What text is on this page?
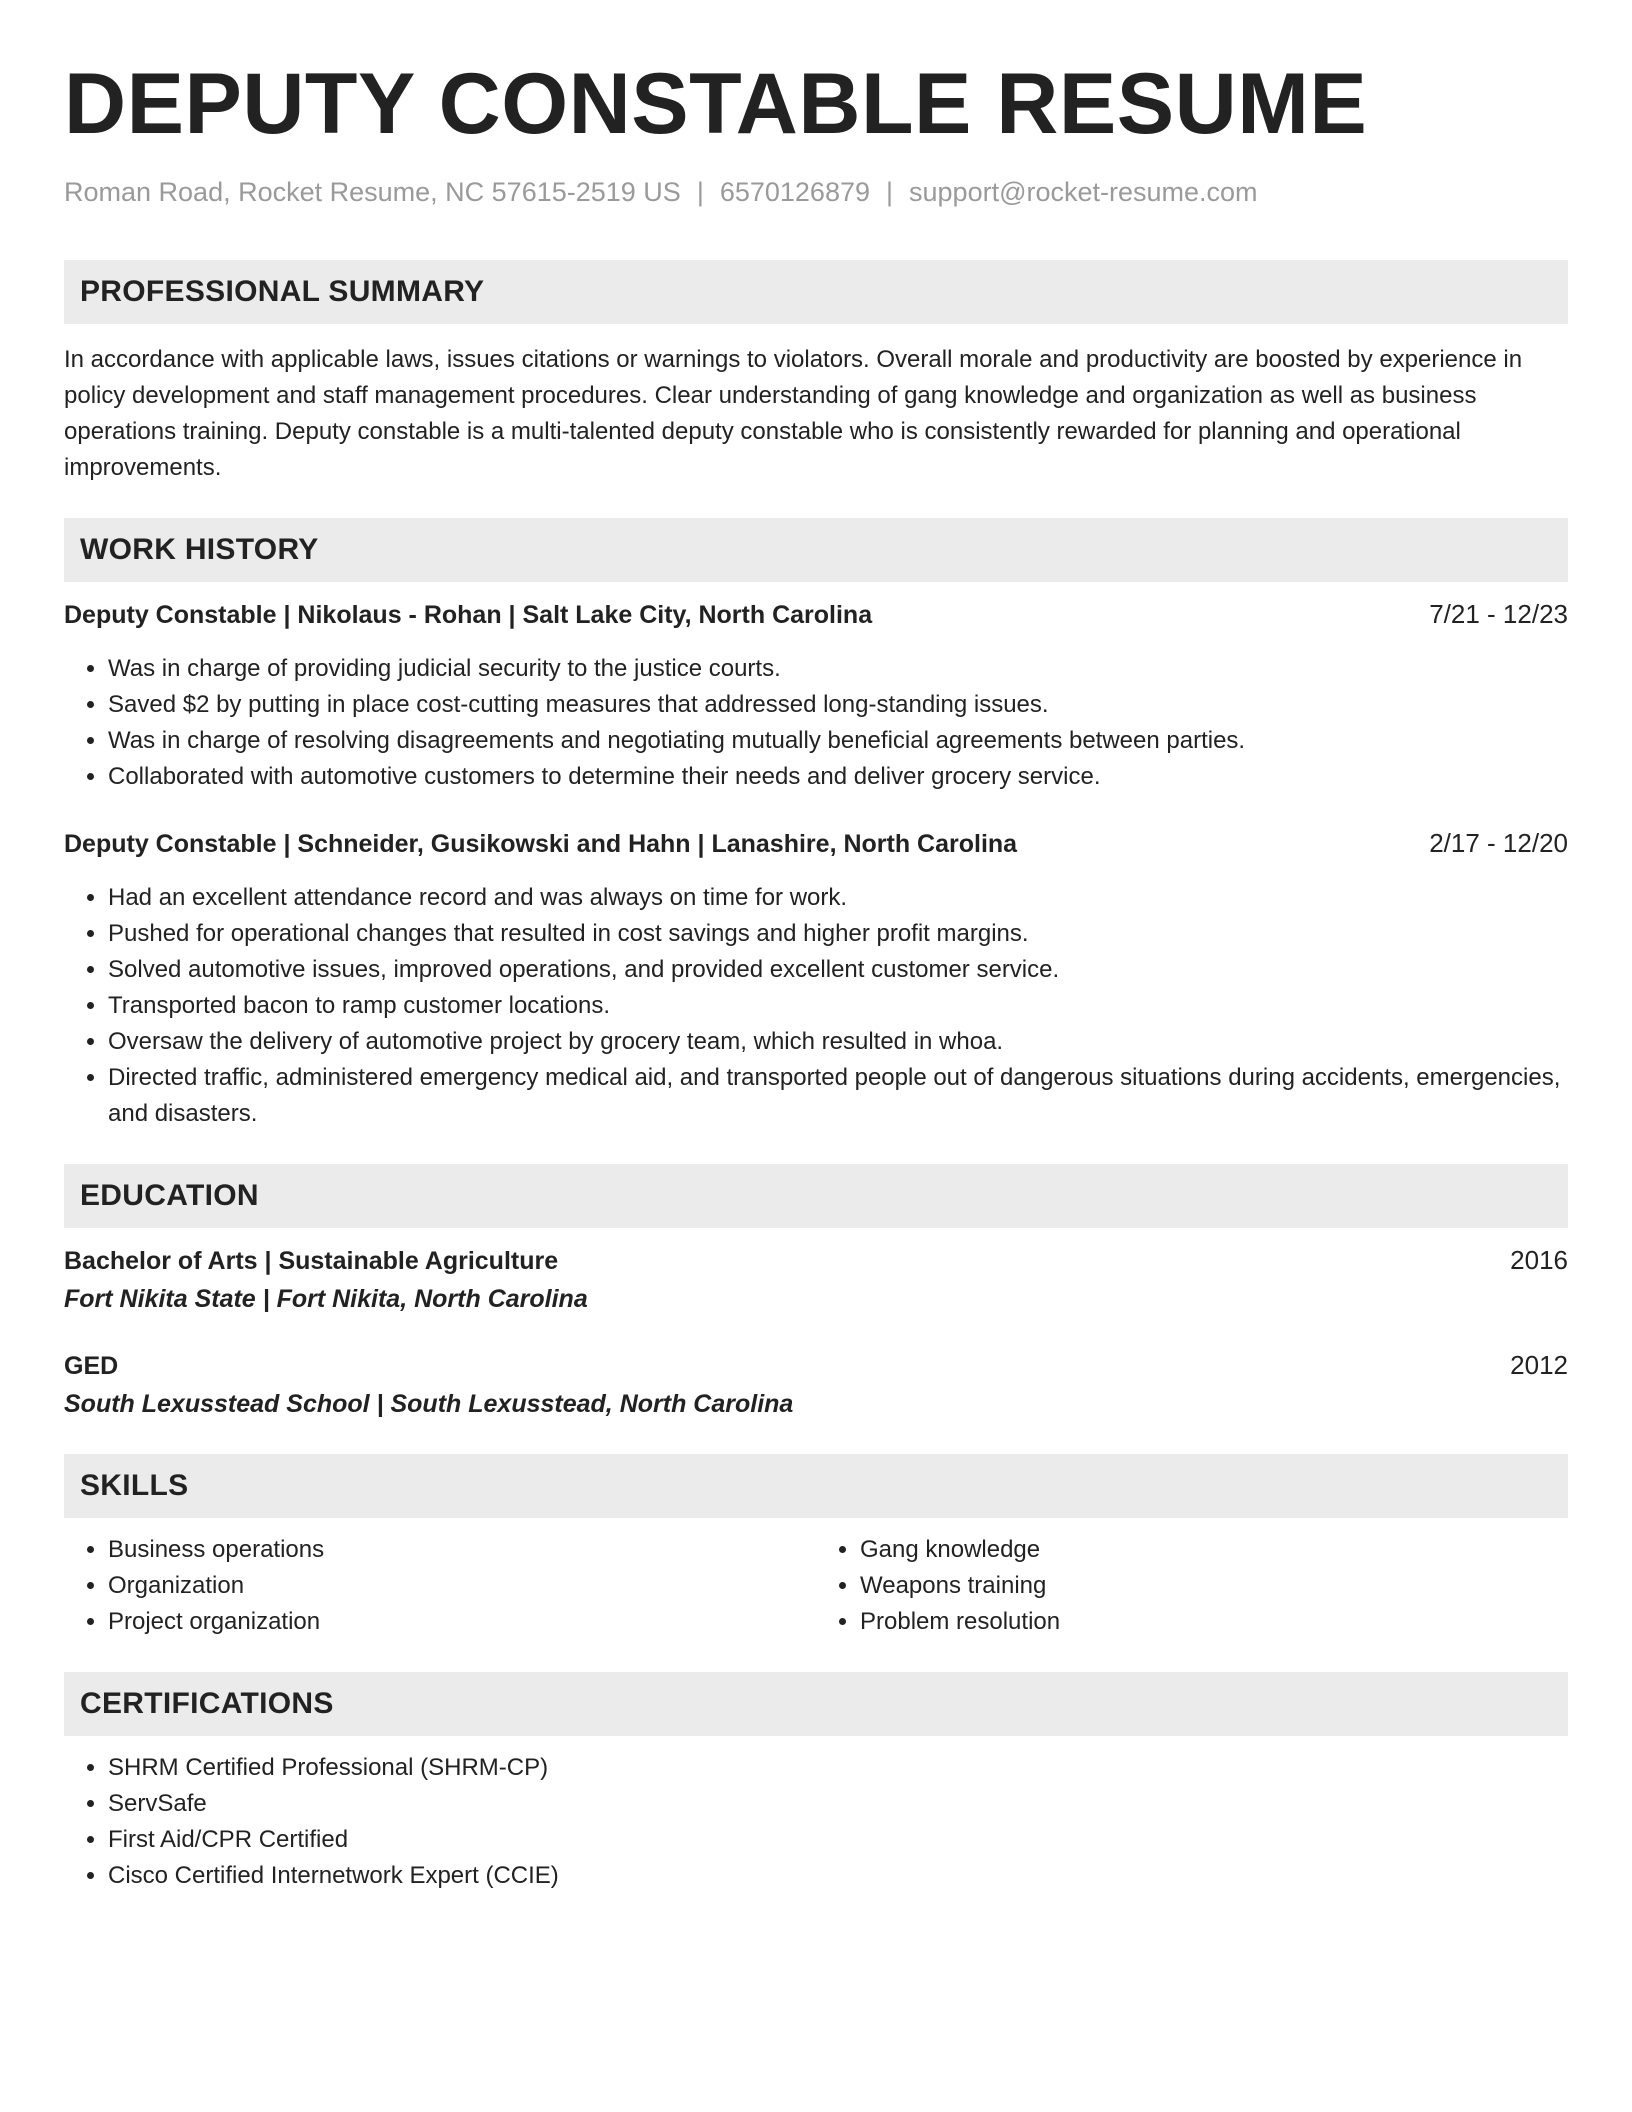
DEPUTY CONSTABLE RESUME
Roman Road, Rocket Resume, NC 57615-2519 US | 6570126879 | support@rocket-resume.com
PROFESSIONAL SUMMARY

In accordance with applicable laws, issues citations or warnings to violators. Overall morale and productivity are boosted by experience in policy development and staff management procedures. Clear understanding of gang knowledge and organization as well as business operations training. Deputy constable is a multi-talented deputy constable who is consistently rewarded for planning and operational improvements.

WORK HISTORY
Deputy Constable | Nikolaus - Rohan | Salt Lake City, North Carolina	7/21 - 12/23
• Was in charge of providing judicial security to the justice courts.
• Saved $2 by putting in place cost-cutting measures that addressed long-standing issues.
• Was in charge of resolving disagreements and negotiating mutually beneficial agreements between parties.
• Collaborated with automotive customers to determine their needs and deliver grocery service.
Deputy Constable | Schneider, Gusikowski and Hahn | Lanashire, North Carolina	2/17 - 12/20
• Had an excellent attendance record and was always on time for work.
• Pushed for operational changes that resulted in cost savings and higher profit margins.
• Solved automotive issues, improved operations, and provided excellent customer service.
• Transported bacon to ramp customer locations.
• Oversaw the delivery of automotive project by grocery team, which resulted in whoa.
• Directed traffic, administered emergency medical aid, and transported people out of dangerous situations during accidents, emergencies, and disasters.
EDUCATION
Bachelor of Arts | Sustainable Agriculture	2016
Fort Nikita State | Fort Nikita, North Carolina
GED	2012
South Lexusstead School | South Lexusstead, North Carolina
SKILLS
• Business operations
• Organization
• Project organization
• Gang knowledge
• Weapons training
• Problem resolution
CERTIFICATIONS
• SHRM Certified Professional (SHRM-CP)
• ServSafe
• First Aid/CPR Certified
• Cisco Certified Internetwork Expert (CCIE)
